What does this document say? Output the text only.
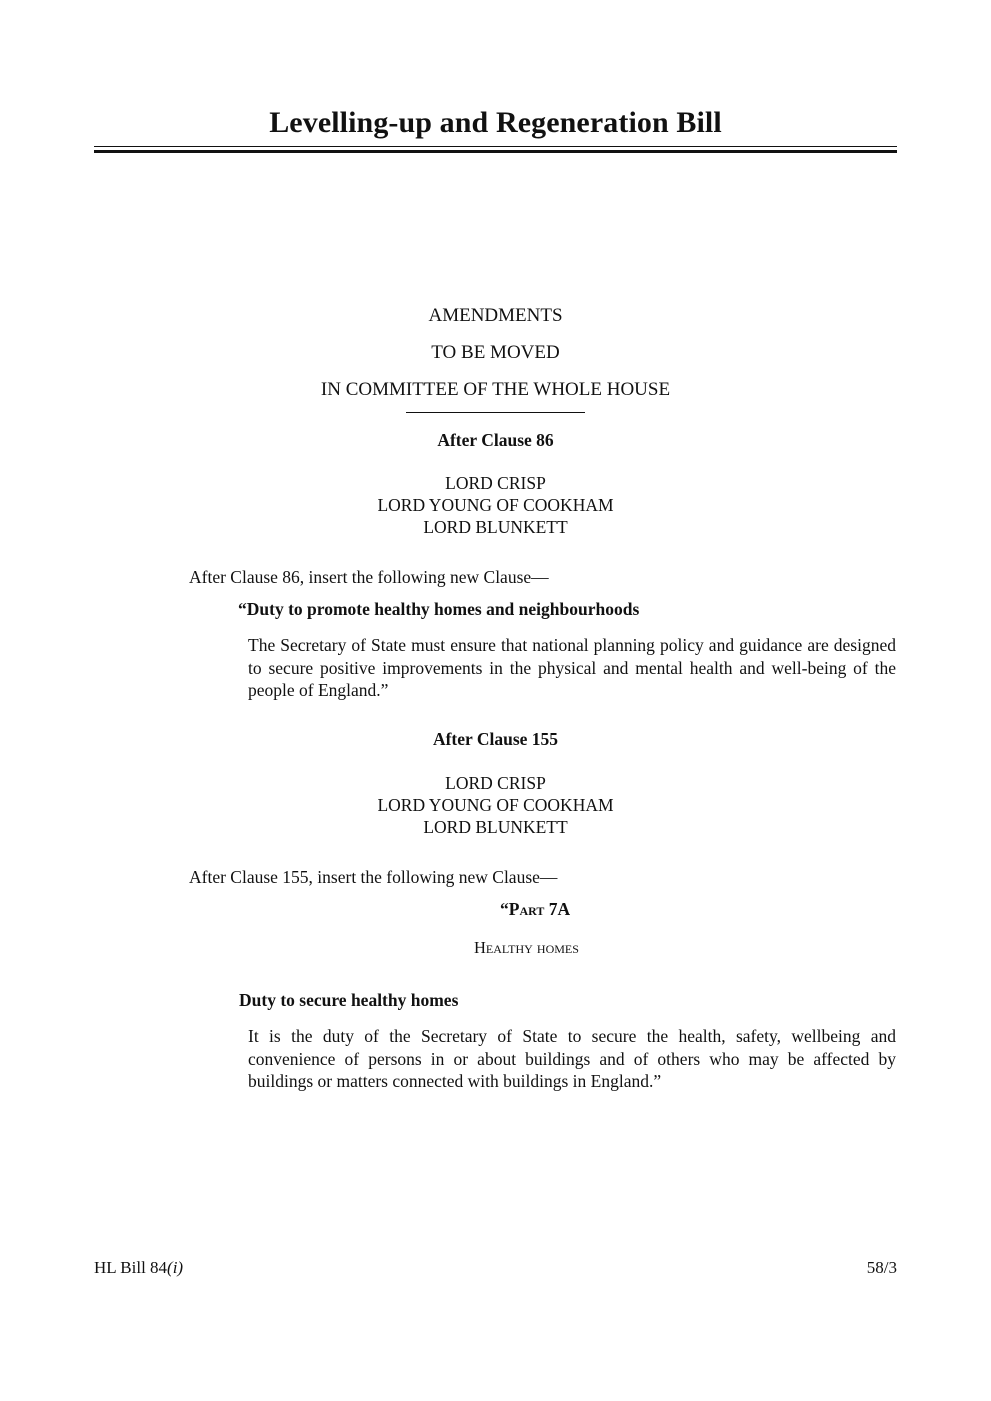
Levelling-up and Regeneration Bill
AMENDMENTS
TO BE MOVED
IN COMMITTEE OF THE WHOLE HOUSE
After Clause 86
LORD CRISP
LORD YOUNG OF COOKHAM
LORD BLUNKETT
After Clause 86, insert the following new Clause—
“Duty to promote healthy homes and neighbourhoods
The Secretary of State must ensure that national planning policy and guidance are designed to secure positive improvements in the physical and mental health and well-being of the people of England.”
After Clause 155
LORD CRISP
LORD YOUNG OF COOKHAM
LORD BLUNKETT
After Clause 155, insert the following new Clause—
“Part 7A
Healthy homes
Duty to secure healthy homes
It is the duty of the Secretary of State to secure the health, safety, wellbeing and convenience of persons in or about buildings and of others who may be affected by buildings or matters connected with buildings in England.”
HL Bill 84(i)	58/3
